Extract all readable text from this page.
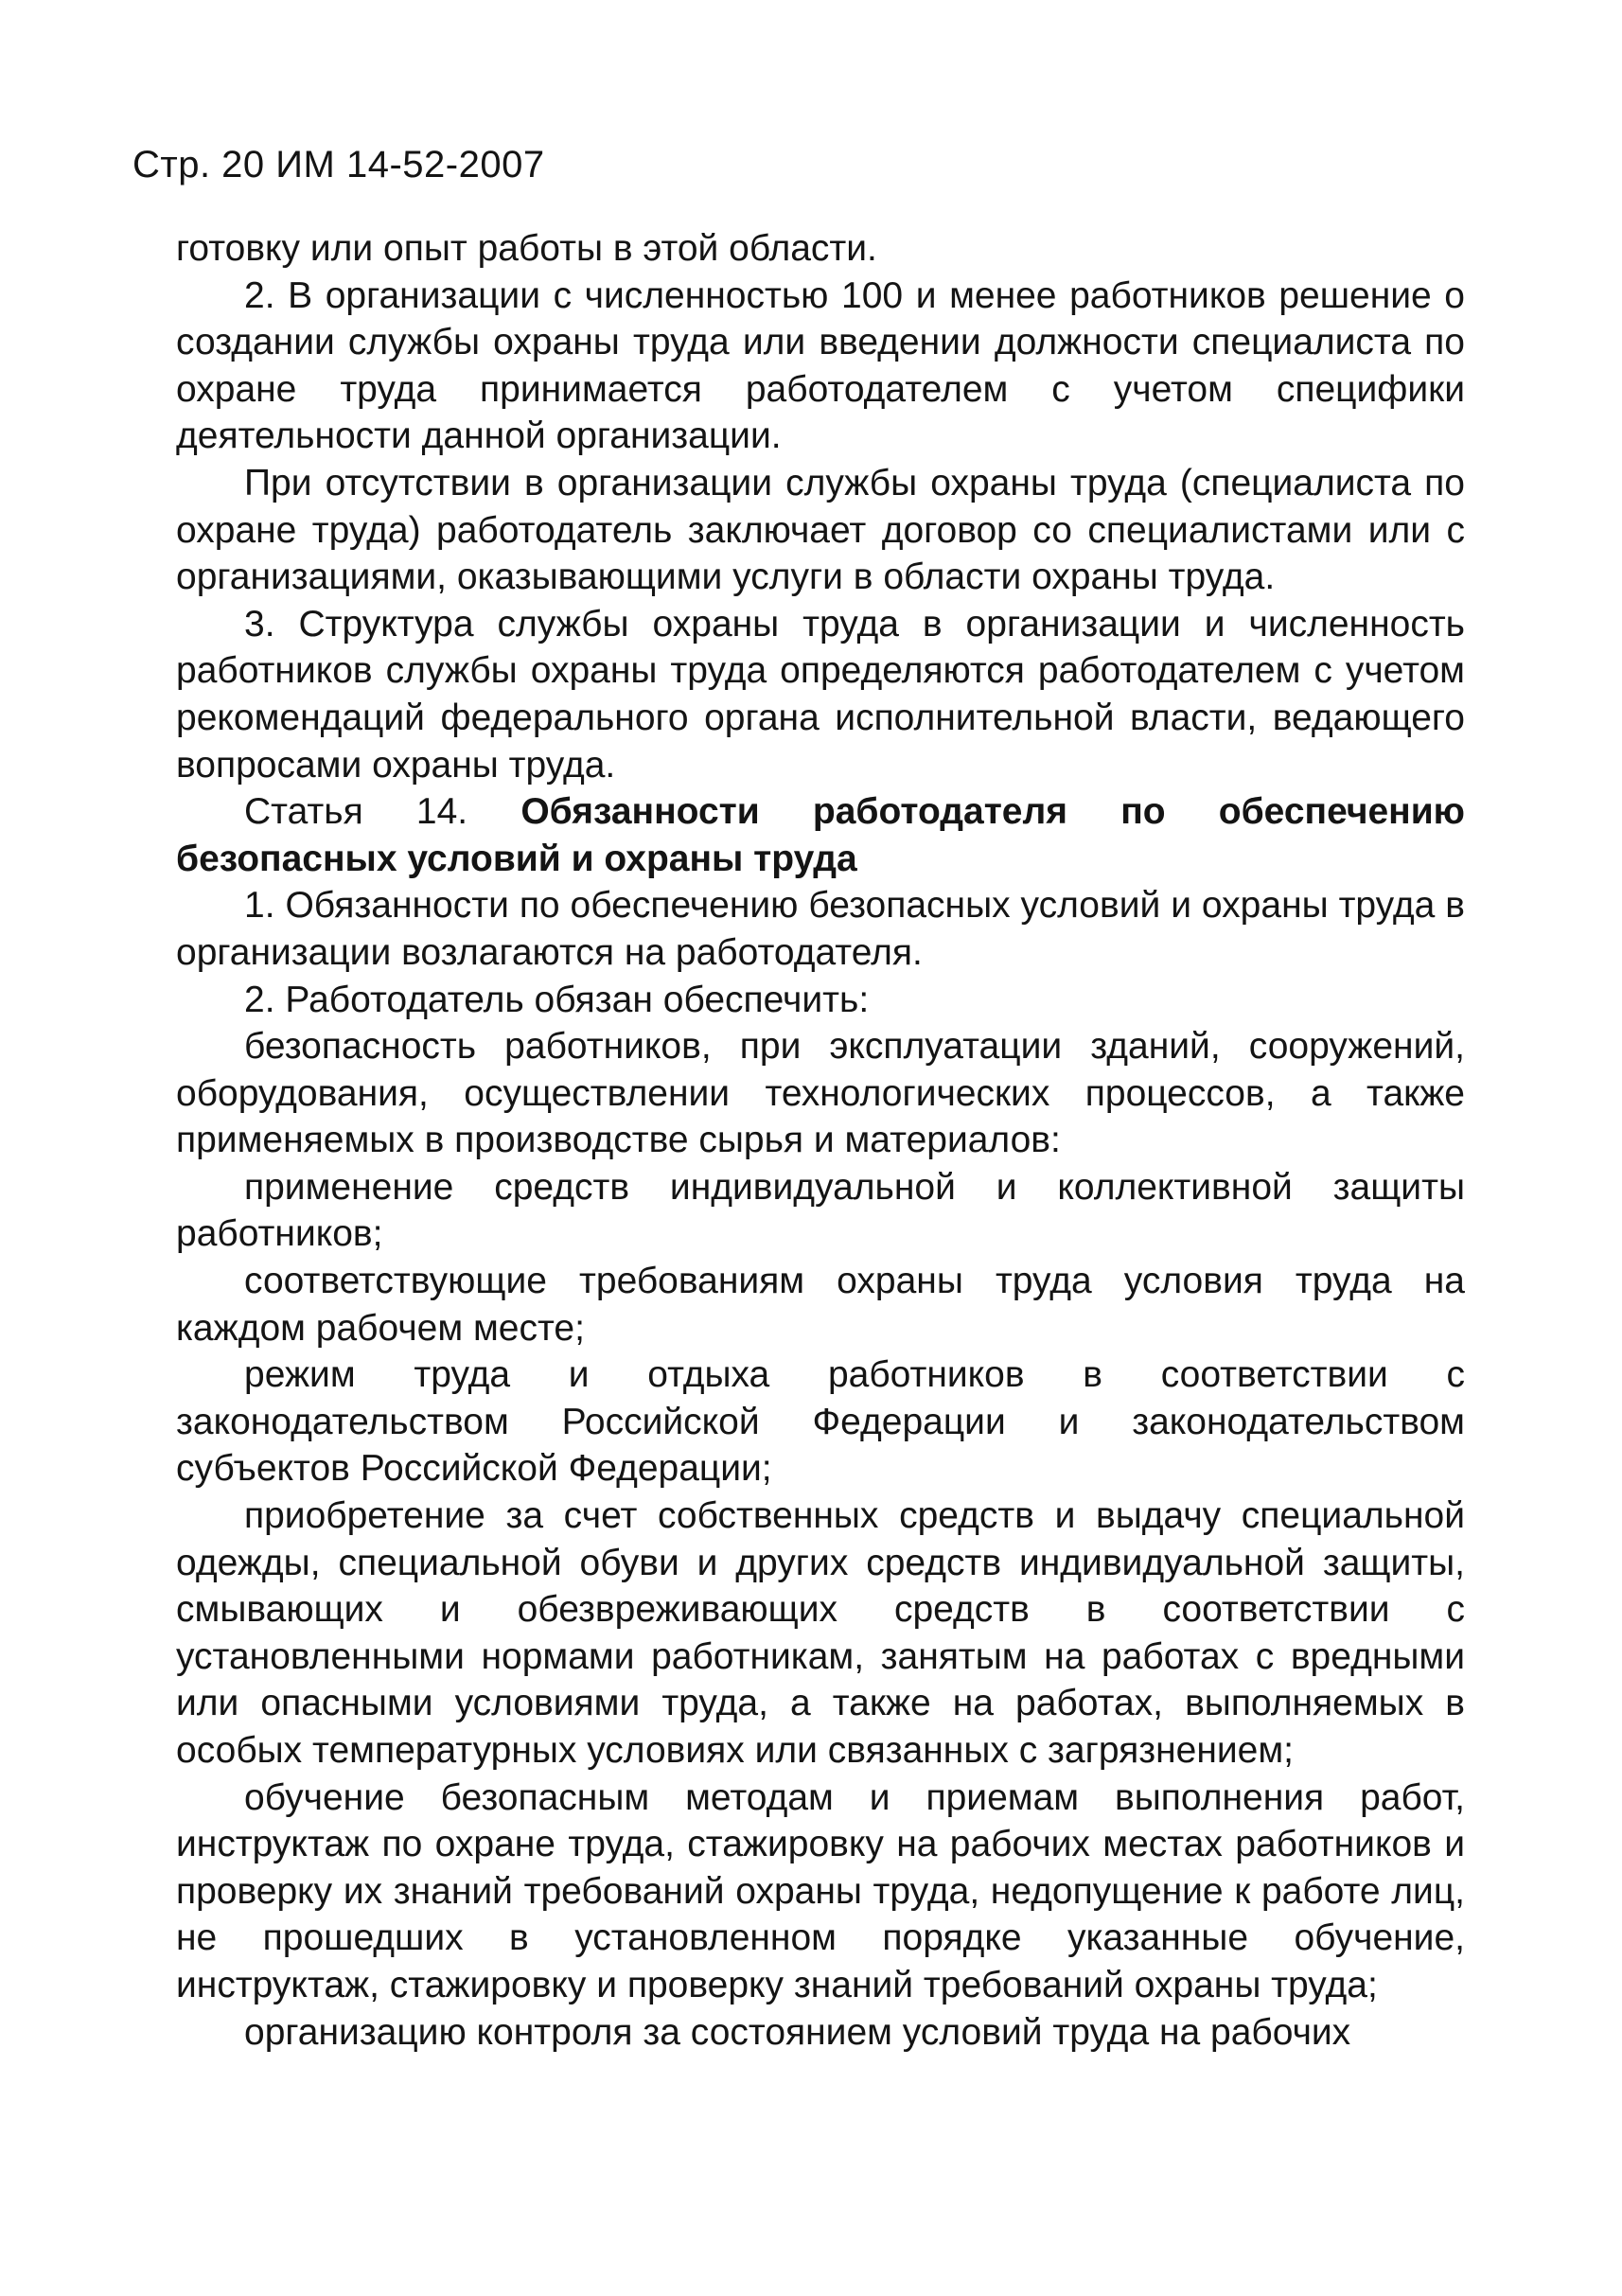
Стр. 20 ИМ 14-52-2007

готовку или опыт работы в этой области.

2. В организации с численностью 100 и менее работников решение о создании службы охраны труда или введении должности специалиста по охране труда принимается работодателем с учетом специфики деятельности данной организации.

При отсутствии в организации службы охраны труда (специалиста по охране труда) работодатель заключает договор со специалистами или с организациями, оказывающими услуги в области охраны труда.

3. Структура службы охраны труда в организации и численность работников службы охраны труда определяются работодателем с учетом рекомендаций федерального органа исполнительной власти, ведающего вопросами охраны труда.

Статья 14. Обязанности работодателя по обеспечению безопасных условий и охраны труда

1. Обязанности по обеспечению безопасных условий и охраны труда в организации возлагаются на работодателя.

2. Работодатель обязан обеспечить:

безопасность работников, при эксплуатации зданий, сооружений, оборудования, осуществлении технологических процессов, а также применяемых в производстве сырья и материалов:

применение средств индивидуальной и коллективной защиты работников;

соответствующие требованиям охраны труда условия труда на каждом рабочем месте;

режим труда и отдыха работников в соответствии с законодательством Российской Федерации и законодательством субъектов Российской Федерации;

приобретение за счет собственных средств и выдачу специальной одежды, специальной обуви и других средств индивидуальной защиты, смывающих и обезвреживающих средств в соответствии с установленными нормами работникам, занятым на работах с вредными или опасными условиями труда, а также на работах, выполняемых в особых температурных условиях или связанных с загрязнением;

обучение безопасным методам и приемам выполнения работ, инструктаж по охране труда, стажировку на рабочих местах работников и проверку их знаний требований охраны труда, недопущение к работе лиц, не прошедших в установленном порядке указанные обучение, инструктаж, стажировку и проверку знаний требований охраны труда;

организацию контроля за состоянием условий труда на рабочих
